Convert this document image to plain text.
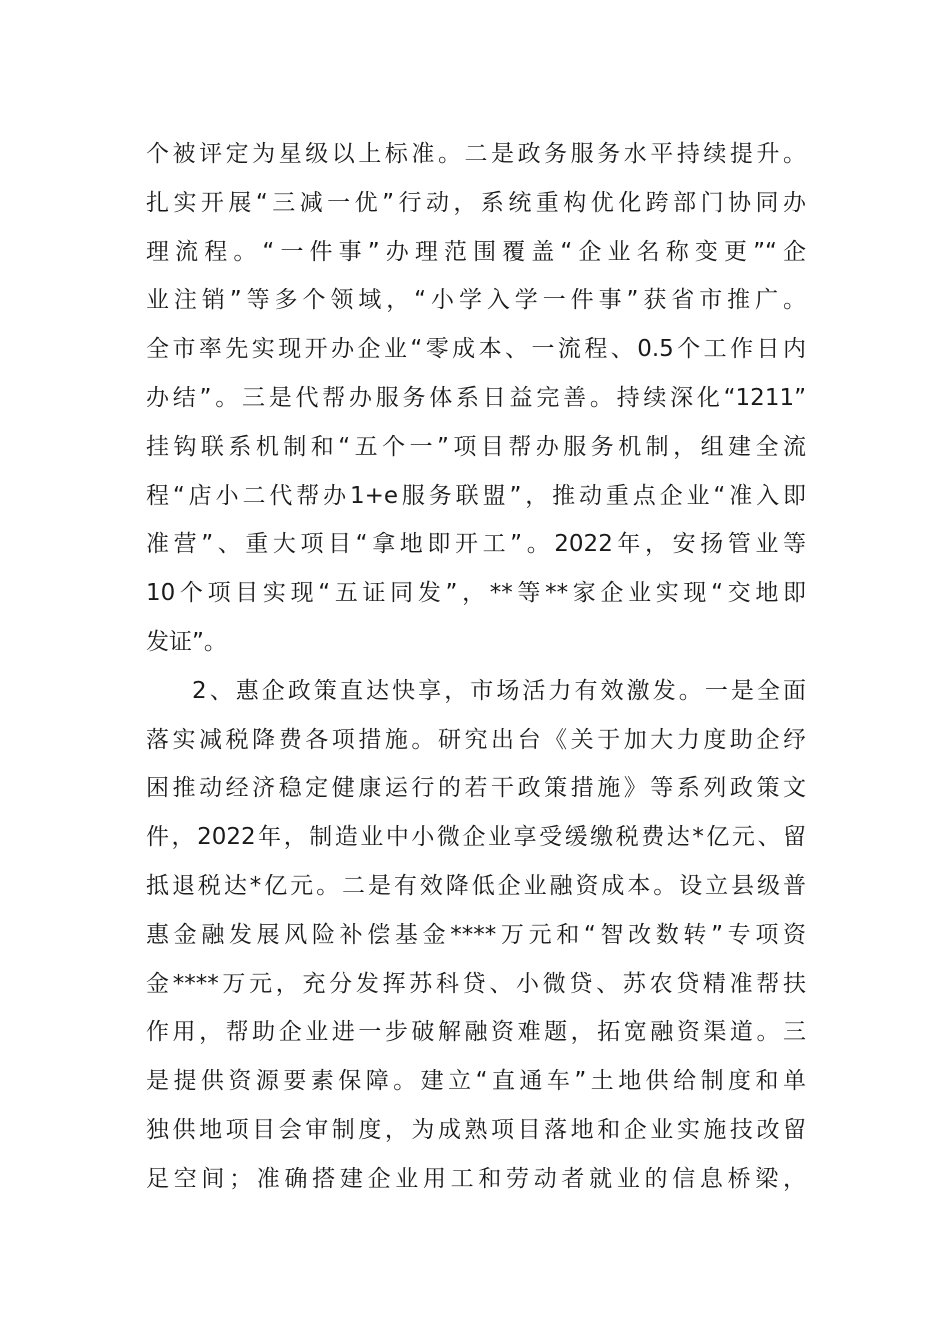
个被评定为星级以上标准。二是政务服务水平持续提升。
扎实开展“三减一优”行动，系统重构优化跨部门协同办
理流程。“一件事”办理范围覆盖“企业名称变更”“企
业注销”等多个领域，“小学入学一件事”获省市推广。
全市率先实现开办企业“零成本、一流程、0.5个工作日内
办结”。三是代帮办服务体系日益完善。持续深化“1211”
挂钩联系机制和“五个一”项目帮办服务机制，组建全流
程“店小二代帮办1+e服务联盟”，推动重点企业“准入即
准营”、重大项目“拿地即开工”。2022年，安扬管业等
10个项目实现“五证同发”，**等**家企业实现“交地即
发证”。
2、惠企政策直达快享，市场活力有效激发。一是全面
落实减税降费各项措施。研究出台《关于加大力度助企纾
困推动经济稳定健康运行的若干政策措施》等系列政策文
件，2022年，制造业中小微企业享受缓缴税费达*亿元、留
抵退税达*亿元。二是有效降低企业融资成本。设立县级普
惠金融发展风险补偿基金****万元和“智改数转”专项资
金****万元，充分发挥苏科贷、小微贷、苏农贷精准帮扶
作用，帮助企业进一步破解融资难题，拓宽融资渠道。三
是提供资源要素保障。建立“直通车”土地供给制度和单
独供地项目会审制度，为成熟项目落地和企业实施技改留
足空间；准确搭建企业用工和劳动者就业的信息桥梁，
